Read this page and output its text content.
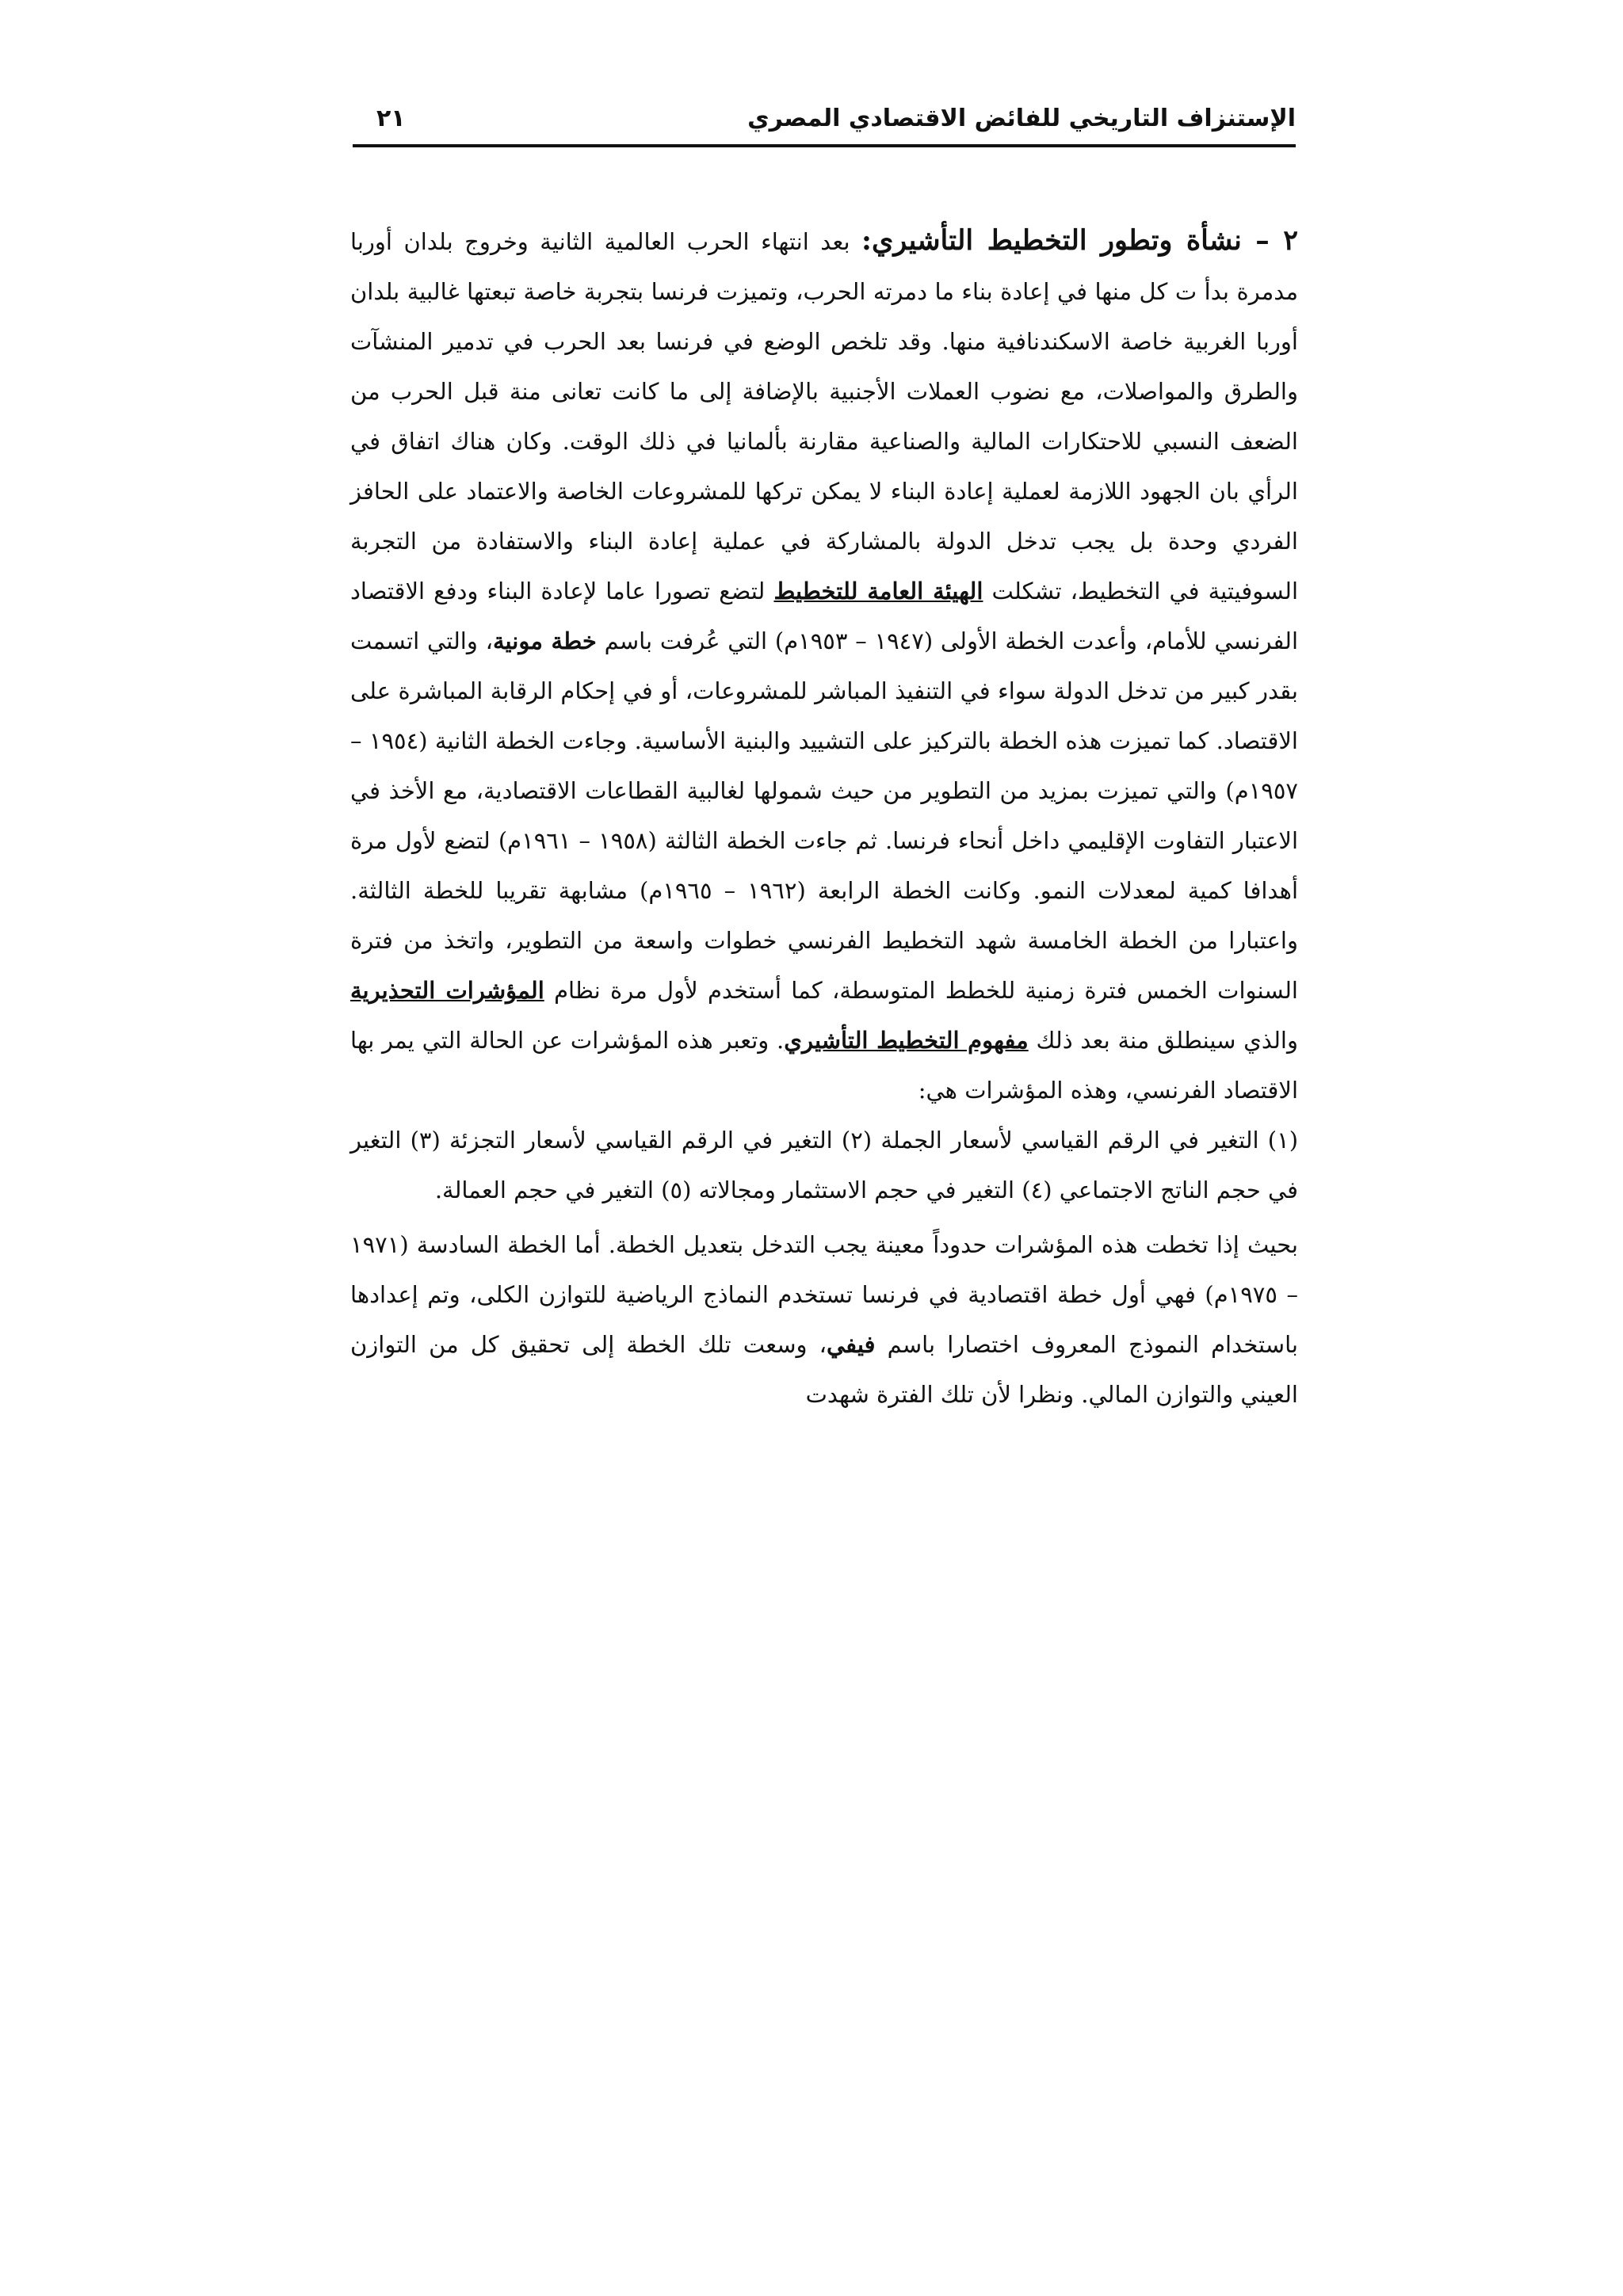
الإستنزاف التاريخي للفائض الاقتصادي المصري
٢١

٢ – نشأة وتطور التخطيط التأشيري: بعد انتهاء الحرب العالمية الثانية وخروج بلدان أوربا مدمرة بدأ ت كل منها في إعادة بناء ما دمرته الحرب، وتميزت فرنسا بتجربة خاصة تبعتها غالبية بلدان أوربا الغربية خاصة الاسكندنافية منها. وقد تلخص الوضع في فرنسا بعد الحرب في تدمير المنشآت والطرق والمواصلات، مع نضوب العملات الأجنبية بالإضافة إلى ما كانت تعانى منة قبل الحرب من الضعف النسبي للاحتكارات المالية والصناعية مقارنة بألمانيا في ذلك الوقت. وكان هناك اتفاق في الرأي بان الجهود اللازمة لعملية إعادة البناء لا يمكن تركها للمشروعات الخاصة والاعتماد على الحافز الفردي وحدة بل يجب تدخل الدولة بالمشاركة في عملية إعادة البناء والاستفادة من التجربة السوفيتية في التخطيط، تشكلت الهيئة العامة للتخطيط لتضع تصورا عاما لإعادة البناء ودفع الاقتصاد الفرنسي للأمام، وأعدت الخطة الأولى (١٩٤٧ – ١٩٥٣م) التي عُرفت باسم خطة مونية، والتي اتسمت بقدر كبير من تدخل الدولة سواء في التنفيذ المباشر للمشروعات، أو في إحكام الرقابة المباشرة على الاقتصاد. كما تميزت هذه الخطة بالتركيز على التشييد والبنية الأساسية. وجاءت الخطة الثانية (١٩٥٤ – ١٩٥٧م) والتي تميزت بمزيد من التطوير من حيث شمولها لغالبية القطاعات الاقتصادية، مع الأخذ في الاعتبار التفاوت الإقليمي داخل أنحاء فرنسا. ثم جاءت الخطة الثالثة (١٩٥٨ – ١٩٦١م) لتضع لأول مرة أهدافا كمية لمعدلات النمو. وكانت الخطة الرابعة (١٩٦٢ – ١٩٦٥م) مشابهة تقريبا للخطة الثالثة. واعتبارا من الخطة الخامسة شهد التخطيط الفرنسي خطوات واسعة من التطوير، واتخذ من فترة السنوات الخمس فترة زمنية للخطط المتوسطة، كما أستخدم لأول مرة نظام المؤشرات التحذيرية والذي سينطلق منة بعد ذلك مفهوم التخطيط التأشيري. وتعبر هذه المؤشرات عن الحالة التي يمر بها الاقتصاد الفرنسي، وهذه المؤشرات هي:

(١) التغير في الرقم القياسي لأسعار الجملة (٢) التغير في الرقم القياسي لأسعار التجزئة (٣) التغير في حجم الناتج الاجتماعي (٤) التغير في حجم الاستثمار ومجالاته (٥) التغير في حجم العمالة.

بحيث إذا تخطت هذه المؤشرات حدوداً معينة يجب التدخل بتعديل الخطة. أما الخطة السادسة (١٩٧١ – ١٩٧٥م) فهي أول خطة اقتصادية في فرنسا تستخدم النماذج الرياضية للتوازن الكلى، وتم إعدادها باستخدام النموذج المعروف اختصارا باسم فيفي، وسعت تلك الخطة إلى تحقيق كل من التوازن العيني والتوازن المالي. ونظرا لأن تلك الفترة شهدت
